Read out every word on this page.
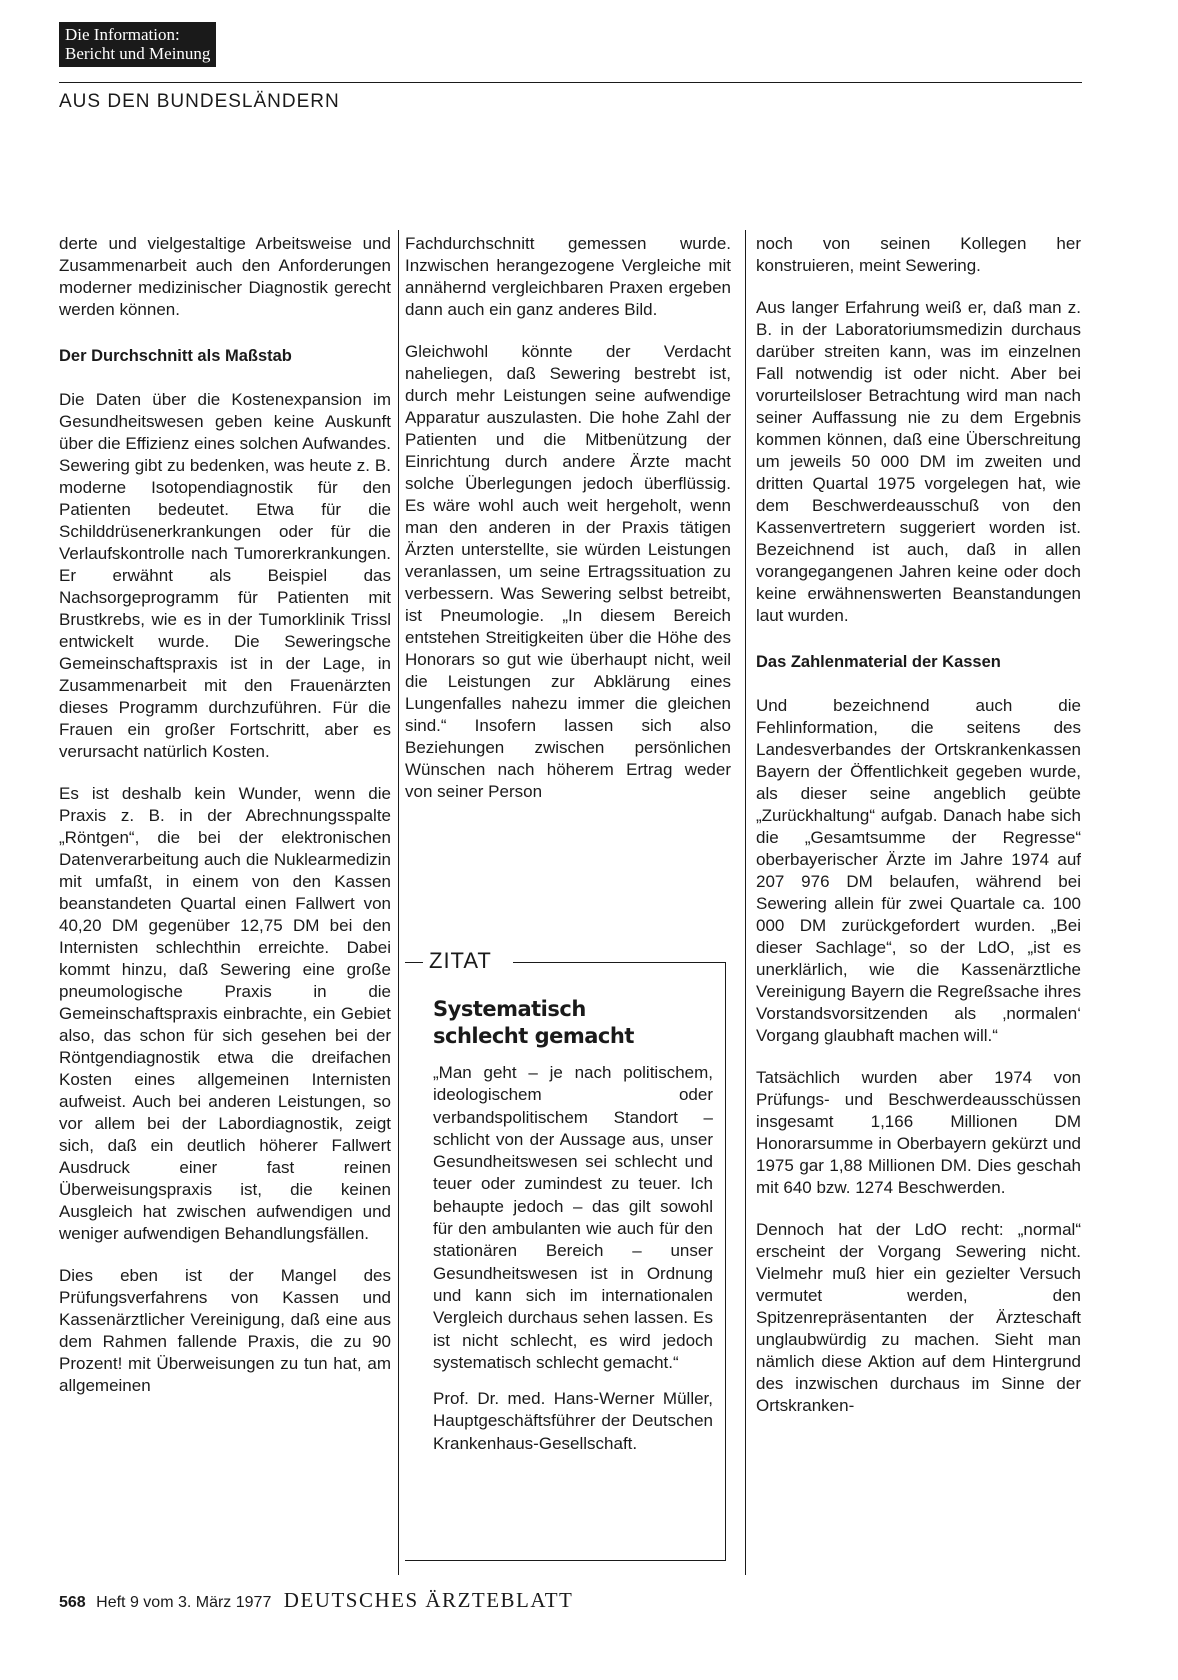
Die Information:
Bericht und Meinung
AUS DEN BUNDESLÄNDERN

derte und vielgestaltige Arbeitsweise und Zusammenarbeit auch den Anforderungen moderner medizinischer Diagnostik gerecht werden können.

Der Durchschnitt als Maßstab

Die Daten über die Kostenexpansion im Gesundheitswesen geben keine Auskunft über die Effizienz eines solchen Aufwandes. Sewering gibt zu bedenken, was heute z. B. moderne Isotopendiagnostik für den Patienten bedeutet. Etwa für die Schilddrüsenerkrankungen oder für die Verlaufskontrolle nach Tumorerkrankungen. Er erwähnt als Beispiel das Nachsorgeprogramm für Patienten mit Brustkrebs, wie es in der Tumorklinik Trissl entwickelt wurde. Die Seweringsche Gemeinschaftspraxis ist in der Lage, in Zusammenarbeit mit den Frauenärzten dieses Programm durchzuführen. Für die Frauen ein großer Fortschritt, aber es verursacht natürlich Kosten.

Es ist deshalb kein Wunder, wenn die Praxis z. B. in der Abrechnungsspalte „Röntgen“, die bei der elektronischen Datenverarbeitung auch die Nuklearmedizin mit umfaßt, in einem von den Kassen beanstandeten Quartal einen Fallwert von 40,20 DM gegenüber 12,75 DM bei den Internisten schlechthin erreichte. Dabei kommt hinzu, daß Sewering eine große pneumologische Praxis in die Gemeinschaftspraxis einbrachte, ein Gebiet also, das schon für sich gesehen bei der Röntgendiagnostik etwa die dreifachen Kosten eines allgemeinen Internisten aufweist. Auch bei anderen Leistungen, so vor allem bei der Labordiagnostik, zeigt sich, daß ein deutlich höherer Fallwert Ausdruck einer fast reinen Überweisungspraxis ist, die keinen Ausgleich hat zwischen aufwendigen und weniger aufwendigen Behandlungsfällen.

Dies eben ist der Mangel des Prüfungsverfahrens von Kassen und Kassenärztlicher Vereinigung, daß eine aus dem Rahmen fallende Praxis, die zu 90 Prozent! mit Überweisungen zu tun hat, am allgemeinen

Fachdurchschnitt gemessen wurde. Inzwischen herangezogene Vergleiche mit annähernd vergleichbaren Praxen ergeben dann auch ein ganz anderes Bild.

Gleichwohl könnte der Verdacht naheliegen, daß Sewering bestrebt ist, durch mehr Leistungen seine aufwendige Apparatur auszulasten. Die hohe Zahl der Patienten und die Mitbenützung der Einrichtung durch andere Ärzte macht solche Überlegungen jedoch überflüssig. Es wäre wohl auch weit hergeholt, wenn man den anderen in der Praxis tätigen Ärzten unterstellte, sie würden Leistungen veranlassen, um seine Ertragssituation zu verbessern. Was Sewering selbst betreibt, ist Pneumologie. „In diesem Bereich entstehen Streitigkeiten über die Höhe des Honorars so gut wie überhaupt nicht, weil die Leistungen zur Abklärung eines Lungenfalles nahezu immer die gleichen sind.“ Insofern lassen sich also Beziehungen zwischen persönlichen Wünschen nach höherem Ertrag weder von seiner Person

ZITAT
Systematisch
schlecht gemacht

„Man geht – je nach politischem, ideologischem oder verbandspolitischem Standort – schlicht von der Aussage aus, unser Gesundheitswesen sei schlecht und teuer oder zumindest zu teuer. Ich behaupte jedoch – das gilt sowohl für den ambulanten wie auch für den stationären Bereich – unser Gesundheitswesen ist in Ordnung und kann sich im internationalen Vergleich durchaus sehen lassen. Es ist nicht schlecht, es wird jedoch systematisch schlecht gemacht.“

Prof. Dr. med. Hans-Werner Müller, Hauptgeschäftsführer der Deutschen Krankenhaus-Gesellschaft.

noch von seinen Kollegen her konstruieren, meint Sewering.

Aus langer Erfahrung weiß er, daß man z. B. in der Laboratoriumsmedizin durchaus darüber streiten kann, was im einzelnen Fall notwendig ist oder nicht. Aber bei vorurteilsloser Betrachtung wird man nach seiner Auffassung nie zu dem Ergebnis kommen können, daß eine Überschreitung um jeweils 50 000 DM im zweiten und dritten Quartal 1975 vorgelegen hat, wie dem Beschwerdeausschuß von den Kassenvertretern suggeriert worden ist. Bezeichnend ist auch, daß in allen vorangegangenen Jahren keine oder doch keine erwähnenswerten Beanstandungen laut wurden.

Das Zahlenmaterial der Kassen

Und bezeichnend auch die Fehlinformation, die seitens des Landesverbandes der Ortskrankenkassen Bayern der Öffentlichkeit gegeben wurde, als dieser seine angeblich geübte „Zurückhaltung“ aufgab. Danach habe sich die „Gesamtsumme der Regresse“ oberbayerischer Ärzte im Jahre 1974 auf 207 976 DM belaufen, während bei Sewering allein für zwei Quartale ca. 100 000 DM zurückgefordert wurden. „Bei dieser Sachlage“, so der LdO, „ist es unerklärlich, wie die Kassenärztliche Vereinigung Bayern die Regreßsache ihres Vorstandsvorsitzenden als ‚normalen‘ Vorgang glaubhaft machen will.“

Tatsächlich wurden aber 1974 von Prüfungs- und Beschwerdeausschüssen insgesamt 1,166 Millionen DM Honorarsumme in Oberbayern gekürzt und 1975 gar 1,88 Millionen DM. Dies geschah mit 640 bzw. 1274 Beschwerden.

Dennoch hat der LdO recht: „normal“ erscheint der Vorgang Sewering nicht. Vielmehr muß hier ein gezielter Versuch vermutet werden, den Spitzenrepräsentanten der Ärzteschaft unglaubwürdig zu machen. Sieht man nämlich diese Aktion auf dem Hintergrund des inzwischen durchaus im Sinne der Ortskranken-

568 Heft 9 vom 3. März 1977 DEUTSCHES ÄRZTEBLATT
